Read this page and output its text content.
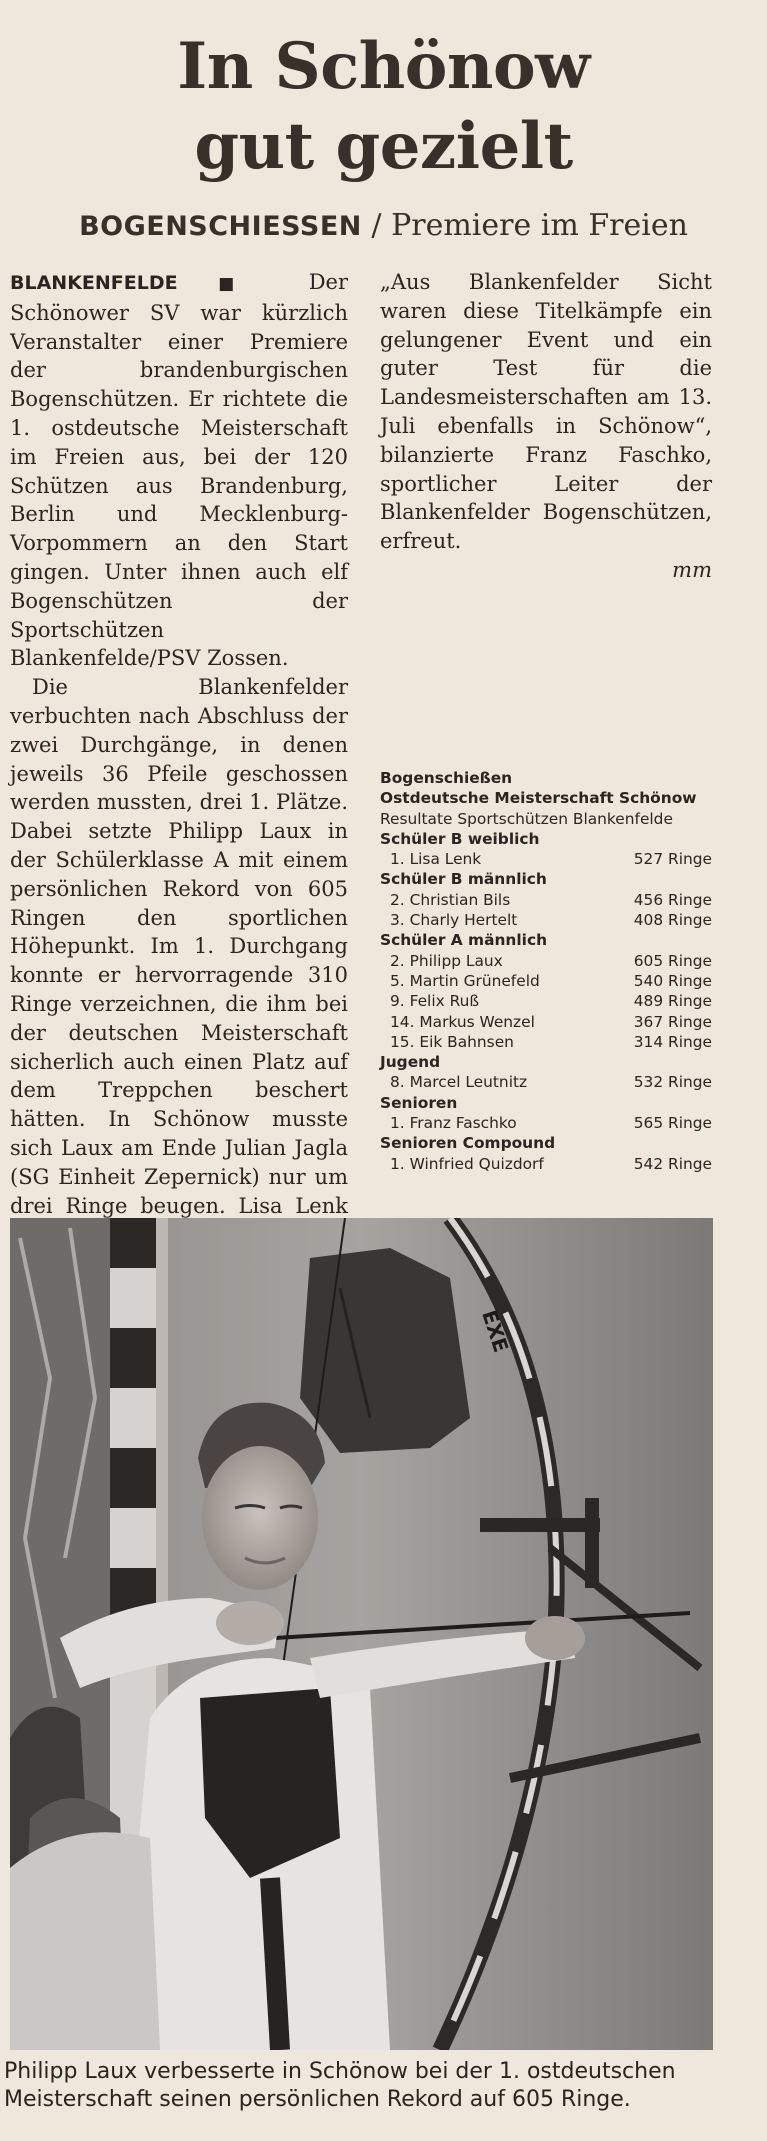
In Schönow
gut gezielt
BOGENSCHIESSEN / Premiere im Freien

BLANKENFELDE ■ Der Schönower SV war kürzlich Veranstalter einer Premiere der brandenburgischen Bogenschützen. Er richtete die 1. ostdeutsche Meisterschaft im Freien aus, bei der 120 Schützen aus Brandenburg, Berlin und Mecklenburg-Vorpommern an den Start gingen. Unter ihnen auch elf Bogenschützen der Sportschützen Blankenfelde/PSV Zossen.

Die Blankenfelder verbuchten nach Abschluss der zwei Durchgänge, in denen jeweils 36 Pfeile geschossen werden mussten, drei 1. Plätze. Dabei setzte Philipp Laux in der Schülerklasse A mit einem persönlichen Rekord von 605 Ringen den sportlichen Höhepunkt. Im 1. Durchgang konnte er hervorragende 310 Ringe verzeichnen, die ihm bei der deutschen Meisterschaft sicherlich auch einen Platz auf dem Treppchen beschert hätten. In Schönow musste sich Laux am Ende Julian Jagla (SG Einheit Zepernick) nur um drei Ringe beugen. Lisa Lenk

„Aus Blankenfelder Sicht waren diese Titelkämpfe ein gelungener Event und ein guter Test für die Landesmeisterschaften am 13. Juli ebenfalls in Schönow“, bilanzierte Franz Faschko, sportlicher Leiter der Blankenfelder Bogenschützen, erfreut.
mm

Bogenschießen
Ostdeutsche Meisterschaft Schönow
Resultate Sportschützen Blankenfelde
Schüler B weiblich
1. Lisa Lenk	527 Ringe
Schüler B männlich
2. Christian Bils	456 Ringe
3. Charly Hertelt	408 Ringe
Schüler A männlich
2. Philipp Laux	605 Ringe
5. Martin Grünefeld	540 Ringe
9. Felix Ruß	489 Ringe
14. Markus Wenzel	367 Ringe
15. Eik Bahnsen	314 Ringe
Jugend
8. Marcel Leutnitz	532 Ringe
Senioren
1. Franz Faschko	565 Ringe
Senioren Compound
1. Winfried Quizdorf	542 Ringe
EXE
Philipp Laux verbesserte in Schönow bei der 1. ostdeutschen Meisterschaft seinen persönlichen Rekord auf 605 Ringe.
